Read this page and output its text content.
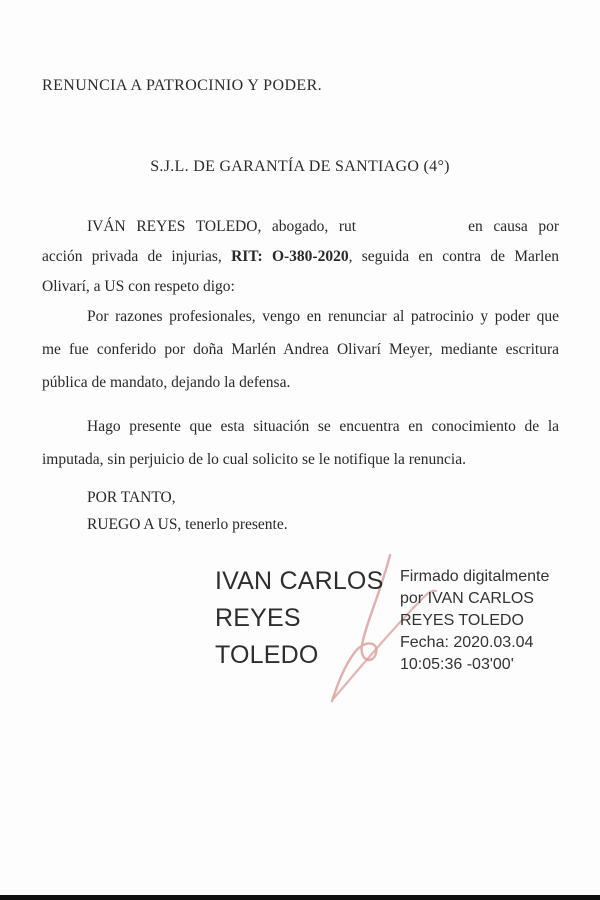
RENUNCIA A PATROCINIO Y PODER.
S.J.L. DE GARANTÍA DE SANTIAGO (4°)
IVÁN REYES TOLEDO, abogado, rut	en causa por
acción privada de injurias, RIT: O-380-2020, seguida en contra de Marlen
Olivarí, a US con respeto digo:
Por razones profesionales, vengo en renunciar al patrocinio y poder que
me fue conferido por doña Marlén Andrea Olivarí Meyer, mediante escritura
pública de mandato, dejando la defensa.
Hago presente que esta situación se encuentra en conocimiento de la
imputada, sin perjuicio de lo cual solicito se le notifique la renuncia.
POR TANTO,
RUEGO A US, tenerlo presente.
IVAN CARLOS
REYES
TOLEDO
Firmado digitalmente
por IVAN CARLOS
REYES TOLEDO
Fecha: 2020.03.04
10:05:36 -03'00'
